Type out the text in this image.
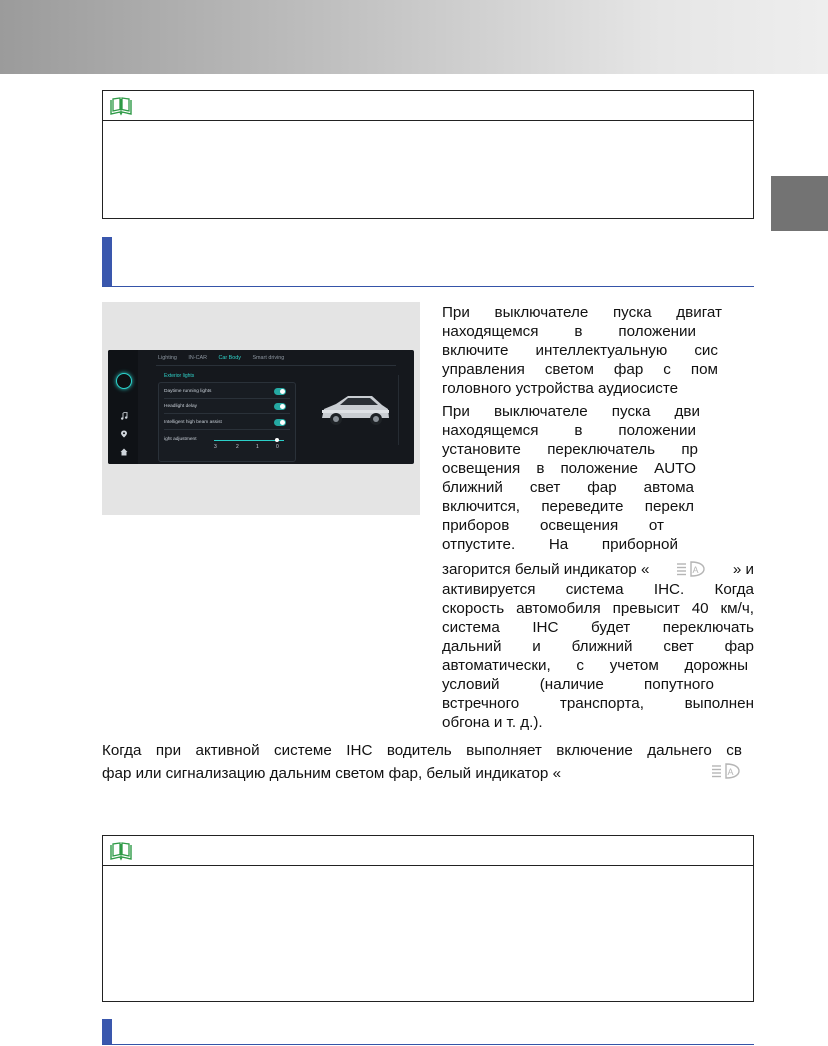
Lighting IN-CAR Car Body Smart driving
Exterior lights
Daytime running lights
Headlight delay
Intelligent high beam assist
ight adjustment
3	2	1	0
При выключателе пуска двигат
находящемся в положении
включите интеллектуальную сис
управления светом фар с пом
головного устройства аудиосисте
При выключателе пуска дви
находящемся в положении
установите переключатель пр
освещения в положение AUTO
ближний свет фар автома
включится, переведите перекл
приборов освещения от
отпустите. На приборной
загорится белый индикатор «	A » и
активируется система IHC. Когда
скорость автомобиля превысит 40 км/ч,
система IHC будет переключать
дальний и ближний свет фар
автоматически, с учетом дорожны
условий	(наличие	попутного
встречного	транспорта,	выполнен
обгона и т. д.).
Когда при активной системе IHC водитель выполняет включение дальнего св
фар или сигнализацию дальним светом фар, белый индикатор «	A
